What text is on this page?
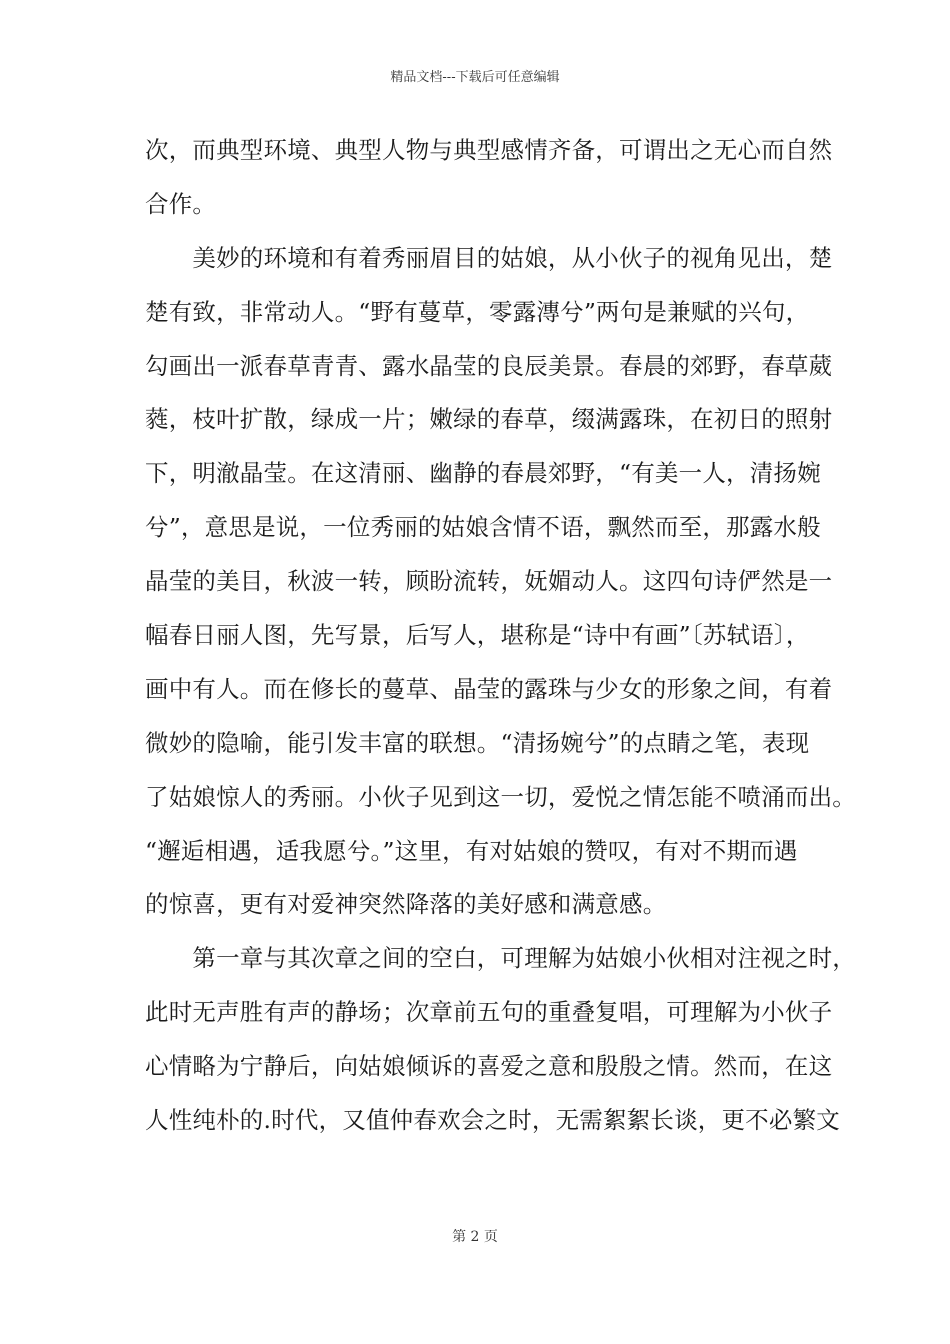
精品文档---下载后可任意编辑
次，而典型环境、典型人物与典型感情齐备，可谓出之无心而自然
合作。
　　美妙的环境和有着秀丽眉目的姑娘，从小伙子的视角见出，楚
楚有致，非常动人。“野有蔓草，零露漙兮”两句是兼赋的兴句，
勾画出一派春草青青、露水晶莹的良辰美景。春晨的郊野，春草葳
蕤，枝叶扩散，绿成一片；嫩绿的春草，缀满露珠，在初日的照射
下，明澈晶莹。在这清丽、幽静的春晨郊野，“有美一人，清扬婉
兮”，意思是说，一位秀丽的姑娘含情不语，飘然而至，那露水般
晶莹的美目，秋波一转，顾盼流转，妩媚动人。这四句诗俨然是一
幅春日丽人图，先写景，后写人，堪称是“诗中有画”〔苏轼语〕，
画中有人。而在修长的蔓草、晶莹的露珠与少女的形象之间，有着
微妙的隐喻，能引发丰富的联想。“清扬婉兮”的点睛之笔，表现
了姑娘惊人的秀丽。小伙子见到这一切，爱悦之情怎能不喷涌而出。
“邂逅相遇，适我愿兮。”这里，有对姑娘的赞叹，有对不期而遇
的惊喜，更有对爱神突然降落的美好感和满意感。
　　第一章与其次章之间的空白，可理解为姑娘小伙相对注视之时，
此时无声胜有声的静场；次章前五句的重叠复唱，可理解为小伙子
心情略为宁静后，向姑娘倾诉的喜爱之意和殷殷之情。然而，在这
人性纯朴的.时代，又值仲春欢会之时，无需絮絮长谈，更不必繁文
第 2 页
